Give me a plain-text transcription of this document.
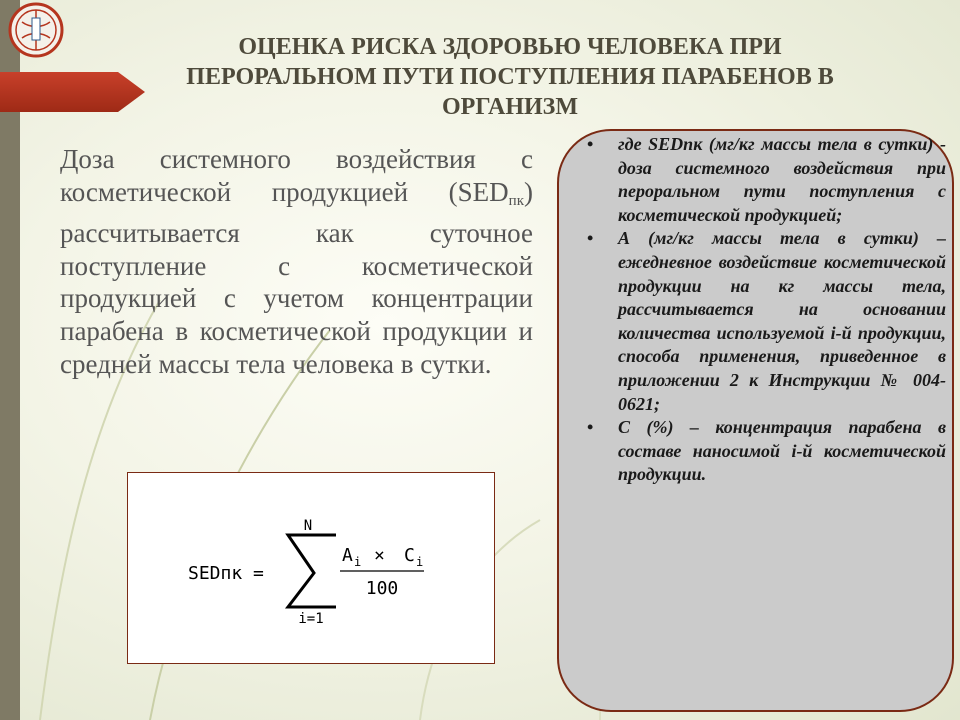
ОЦЕНКА РИСКА ЗДОРОВЬЮ ЧЕЛОВЕКА ПРИ ПЕРОРАЛЬНОМ ПУТИ ПОСТУПЛЕНИЯ ПАРАБЕНОВ В ОРГАНИЗМ

Доза системного воздействия с косметической продукцией $(SED_{пк})$ рассчитывается как суточное поступление с косметической продукцией с учетом концентрации парабена в косметической продукции и средней массы тела человека в сутки.

SEDпк =
N
i=1
A i × C i
100
• где SEDпк (мг/кг массы тела в сутки) - доза системного воздействия при пероральном пути поступления с косметической продукцией;
• А (мг/кг массы тела в сутки) – ежедневное воздействие косметической продукции на кг массы тела, рассчитывается на основании количества используемой i-й продукции, способа применения, приведенное в приложении 2 к Инструкции № 004-0621;
• С (%) – концентрация парабена в составе наносимой i-й косметической продукции.
